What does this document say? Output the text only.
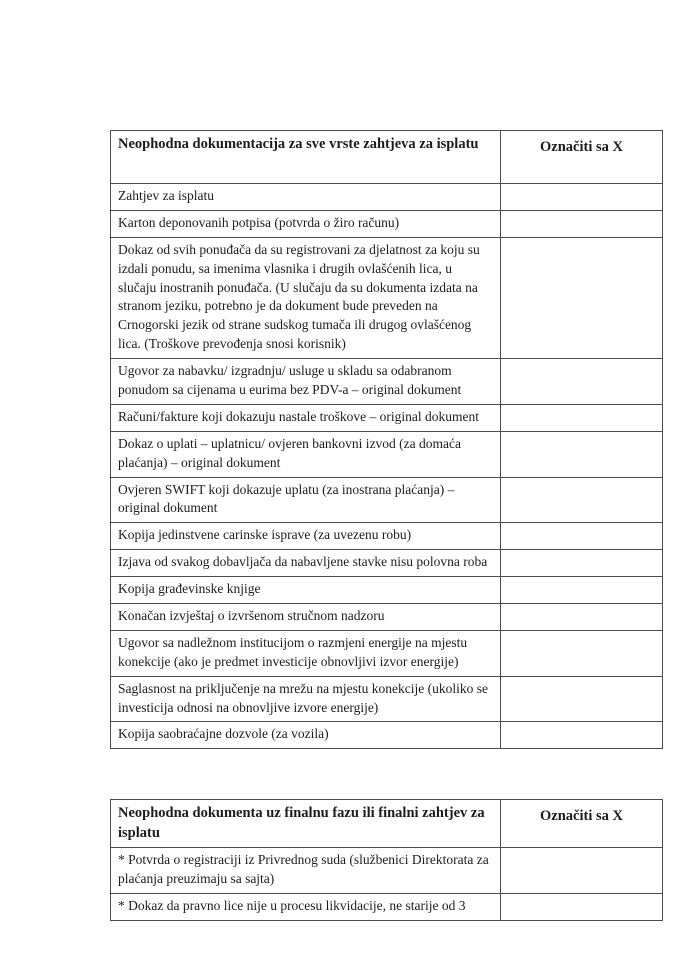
Neophodna dokumentacija za sve vrste zahtjeva za isplatu	Označiti sa X
Zahtjev za isplatu	
Karton deponovanih potpisa (potvrda o žiro računu)	
Dokaz od svih ponuđača da su registrovani za djelatnost za koju su izdali ponudu, sa imenima vlasnika i drugih ovlašćenih lica, u slučaju inostranih ponuđača. (U slučaju da su dokumenta izdata na stranom jeziku, potrebno je da dokument bude preveden na Crnogorski jezik od strane sudskog tumača ili drugog ovlašćenog lica. (Troškove prevođenja snosi korisnik)	
Ugovor za nabavku/ izgradnju/ usluge u skladu sa odabranom ponudom sa cijenama u eurima bez PDV-a – original dokument	
Računi/fakture koji dokazuju nastale troškove – original dokument	
Dokaz o uplati – uplatnicu/ ovjeren bankovni izvod (za domaća plaćanja) – original dokument	
Ovjeren SWIFT koji dokazuje uplatu (za inostrana plaćanja) – original dokument	
Kopija jedinstvene carinske isprave (za uvezenu robu)	
Izjava od svakog dobavljača da nabavljene stavke nisu polovna roba	
Kopija građevinske knjige	
Konačan izvještaj o izvršenom stručnom nadzoru	
Ugovor sa nadležnom institucijom o razmjeni energije na mjestu konekcije (ako je predmet investicije obnovljivi izvor energije)	
Saglasnost na priključenje na mrežu na mjestu konekcije (ukoliko se investicija odnosi na obnovljive izvore energije)	
Kopija saobraćajne dozvole (za vozila)	
Neophodna dokumenta uz finalnu fazu ili finalni zahtjev za isplatu	Označiti sa X
* Potvrda o registraciji iz Privrednog suda (službenici Direktorata za plaćanja preuzimaju sa sajta)	
* Dokaz da pravno lice nije u procesu likvidacije, ne starije od 3	
